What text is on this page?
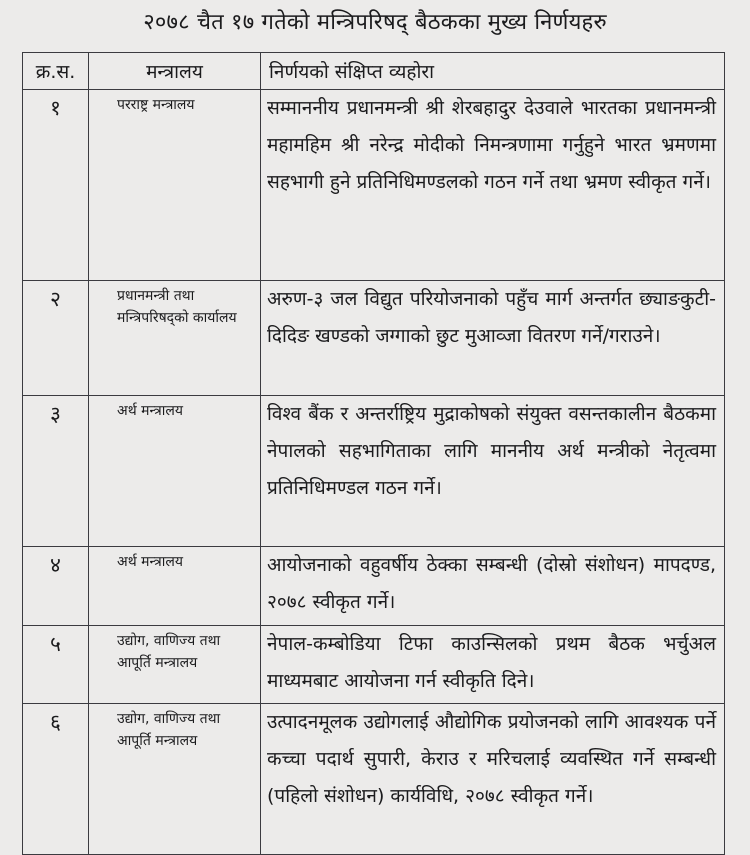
२०७८ चैत १७ गतेको मन्त्रिपरिषद् बैठकका मुख्य निर्णयहरु
क्र.स.	मन्त्रालय	निर्णयको संक्षिप्त व्यहोरा
१	परराष्ट्र मन्त्रालय	सम्माननीय प्रधानमन्त्री श्री शेरबहादुर देउवाले भारतका प्रधानमन्त्री महामहिम श्री नरेन्द्र मोदीको निमन्त्रणामा गर्नुहुने भारत भ्रमणमा सहभागी हुने प्रतिनिधिमण्डलको गठन गर्ने तथा भ्रमण स्वीकृत गर्ने।
२	प्रधानमन्त्री तथा मन्त्रिपरिषद्को कार्यालय	अरुण-३ जल विद्युत परियोजनाको पहुँच मार्ग अन्तर्गत छ्याङकुटी-दिदिङ खण्डको जग्गाको छुट मुआव्जा वितरण गर्ने/गराउने।
३	अर्थ मन्त्रालय	विश्व बैंक र अन्तर्राष्ट्रिय मुद्राकोषको संयुक्त वसन्तकालीन बैठकमा नेपालको सहभागिताका लागि माननीय अर्थ मन्त्रीको नेतृत्वमा प्रतिनिधिमण्डल गठन गर्ने।
४	अर्थ मन्त्रालय	आयोजनाको वहुवर्षीय ठेक्का सम्बन्धी (दोस्रो संशोधन) मापदण्ड, २०७८ स्वीकृत गर्ने।
५	उद्योग, वाणिज्य तथा आपूर्ति मन्त्रालय	नेपाल-कम्बोडिया टिफा काउन्सिलको प्रथम बैठक भर्चुअल माध्यमबाट आयोजना गर्न स्वीकृति दिने।
६	उद्योग, वाणिज्य तथा आपूर्ति मन्त्रालय	उत्पादनमूलक उद्योगलाई औद्योगिक प्रयोजनको लागि आवश्यक पर्ने कच्चा पदार्थ सुपारी, केराउ र मरिचलाई व्यवस्थित गर्ने सम्बन्धी (पहिलो संशोधन) कार्यविधि, २०७८ स्वीकृत गर्ने।
